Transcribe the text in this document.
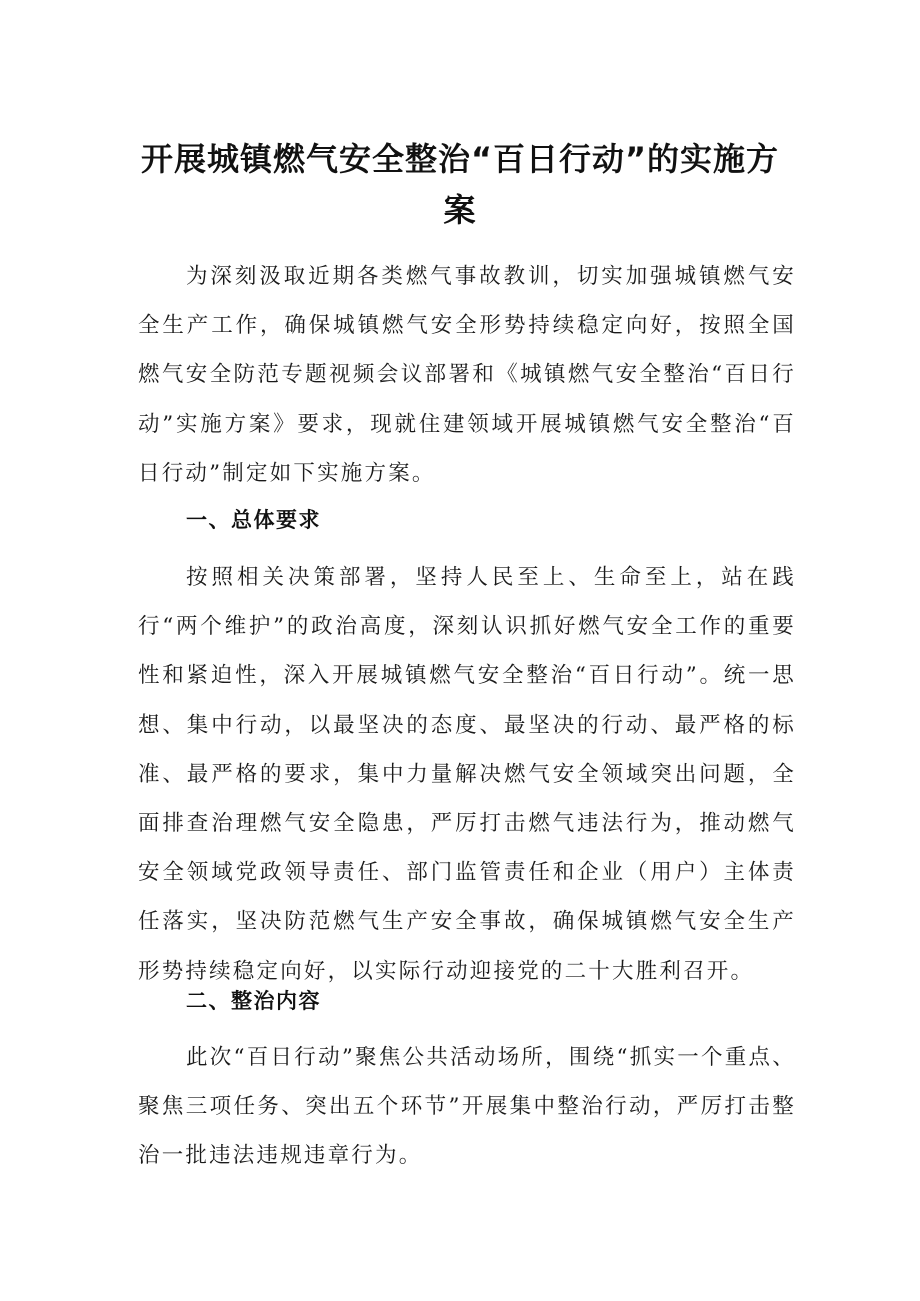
开展城镇燃气安全整治“百日行动”的实施方案

为深刻汲取近期各类燃气事故教训，切实加强城镇燃气安全生产工作，确保城镇燃气安全形势持续稳定向好，按照全国燃气安全防范专题视频会议部署和《城镇燃气安全整治“百日行动”实施方案》要求，现就住建领域开展城镇燃气安全整治“百日行动”制定如下实施方案。

一、总体要求

按照相关决策部署，坚持人民至上、生命至上，站在践行“两个维护”的政治高度，深刻认识抓好燃气安全工作的重要性和紧迫性，深入开展城镇燃气安全整治“百日行动”。统一思想、集中行动，以最坚决的态度、最坚决的行动、最严格的标准、最严格的要求，集中力量解决燃气安全领域突出问题，全面排查治理燃气安全隐患，严厉打击燃气违法行为，推动燃气安全领域党政领导责任、部门监管责任和企业（用户）主体责任落实，坚决防范燃气生产安全事故，确保城镇燃气安全生产形势持续稳定向好，以实际行动迎接党的二十大胜利召开。

二、整治内容

此次“百日行动”聚焦公共活动场所，围绕“抓实一个重点、聚焦三项任务、突出五个环节”开展集中整治行动，严厉打击整治一批违法违规违章行为。
